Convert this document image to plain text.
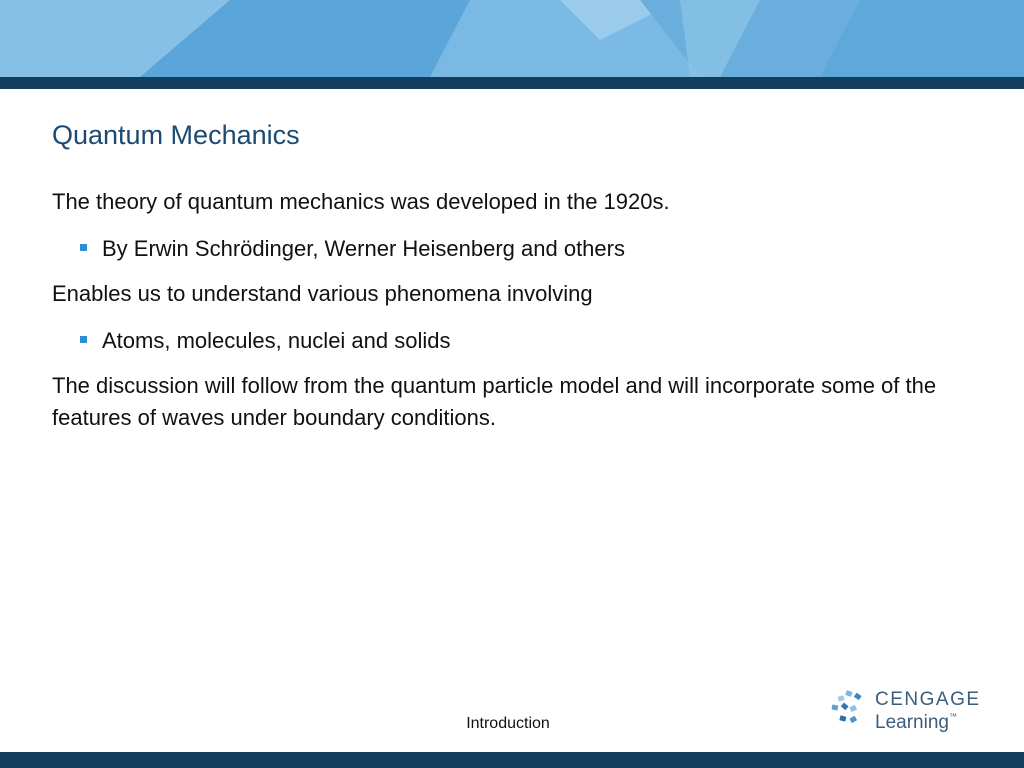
Quantum Mechanics

The theory of quantum mechanics was developed in the 1920s.

By Erwin Schrödinger, Werner Heisenberg and others

Enables us to understand various phenomena involving

Atoms, molecules, nuclei and solids

The discussion will follow from the quantum particle model and will incorporate some of the features of waves under boundary conditions.

Introduction
CENGAGE
Learning™
